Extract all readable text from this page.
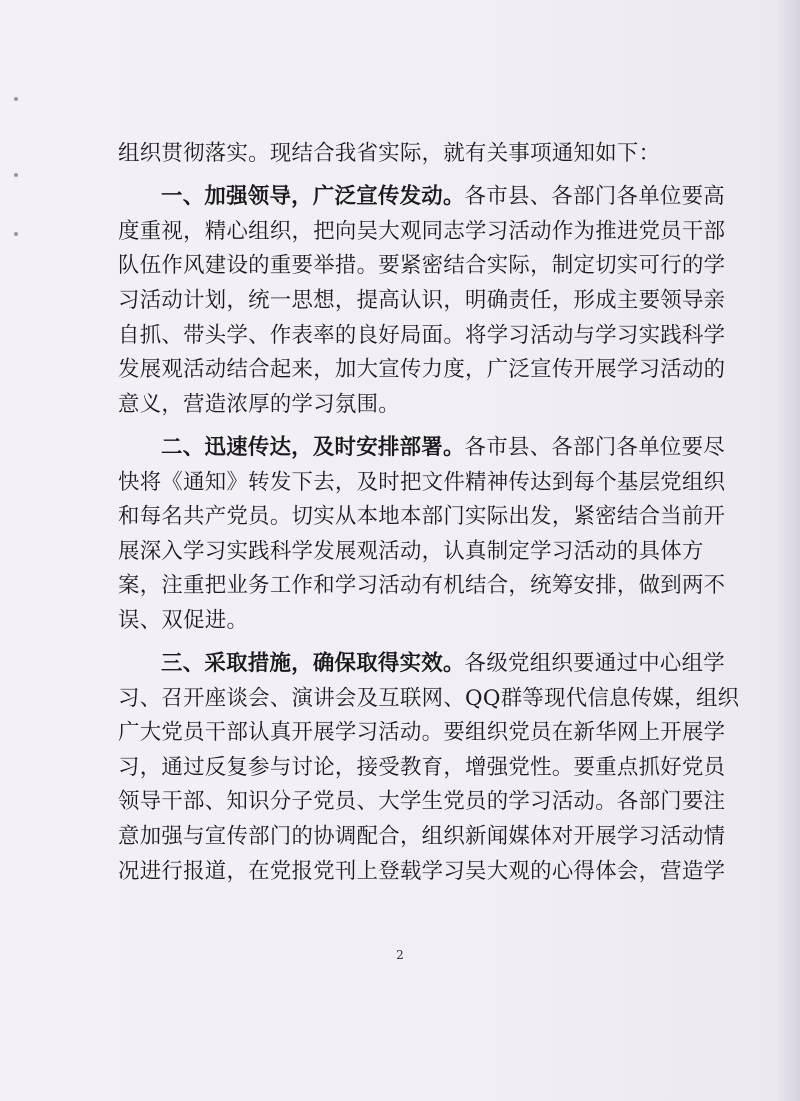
组织贯彻落实。现结合我省实际，就有关事项通知如下：
一、加强领导，广泛宣传发动。各市县、各部门各单位要高
度重视，精心组织，把向吴大观同志学习活动作为推进党员干部
队伍作风建设的重要举措。要紧密结合实际，制定切实可行的学
习活动计划，统一思想，提高认识，明确责任，形成主要领导亲
自抓、带头学、作表率的良好局面。将学习活动与学习实践科学
发展观活动结合起来，加大宣传力度，广泛宣传开展学习活动的
意义，营造浓厚的学习氛围。
二、迅速传达，及时安排部署。各市县、各部门各单位要尽
快将《通知》转发下去，及时把文件精神传达到每个基层党组织
和每名共产党员。切实从本地本部门实际出发，紧密结合当前开
展深入学习实践科学发展观活动，认真制定学习活动的具体方
案，注重把业务工作和学习活动有机结合，统筹安排，做到两不
误、双促进。
三、采取措施，确保取得实效。各级党组织要通过中心组学
习、召开座谈会、演讲会及互联网、QQ群等现代信息传媒，组织
广大党员干部认真开展学习活动。要组织党员在新华网上开展学
习，通过反复参与讨论，接受教育，增强党性。要重点抓好党员
领导干部、知识分子党员、大学生党员的学习活动。各部门要注
意加强与宣传部门的协调配合，组织新闻媒体对开展学习活动情
况进行报道，在党报党刊上登载学习吴大观的心得体会，营造学
2
